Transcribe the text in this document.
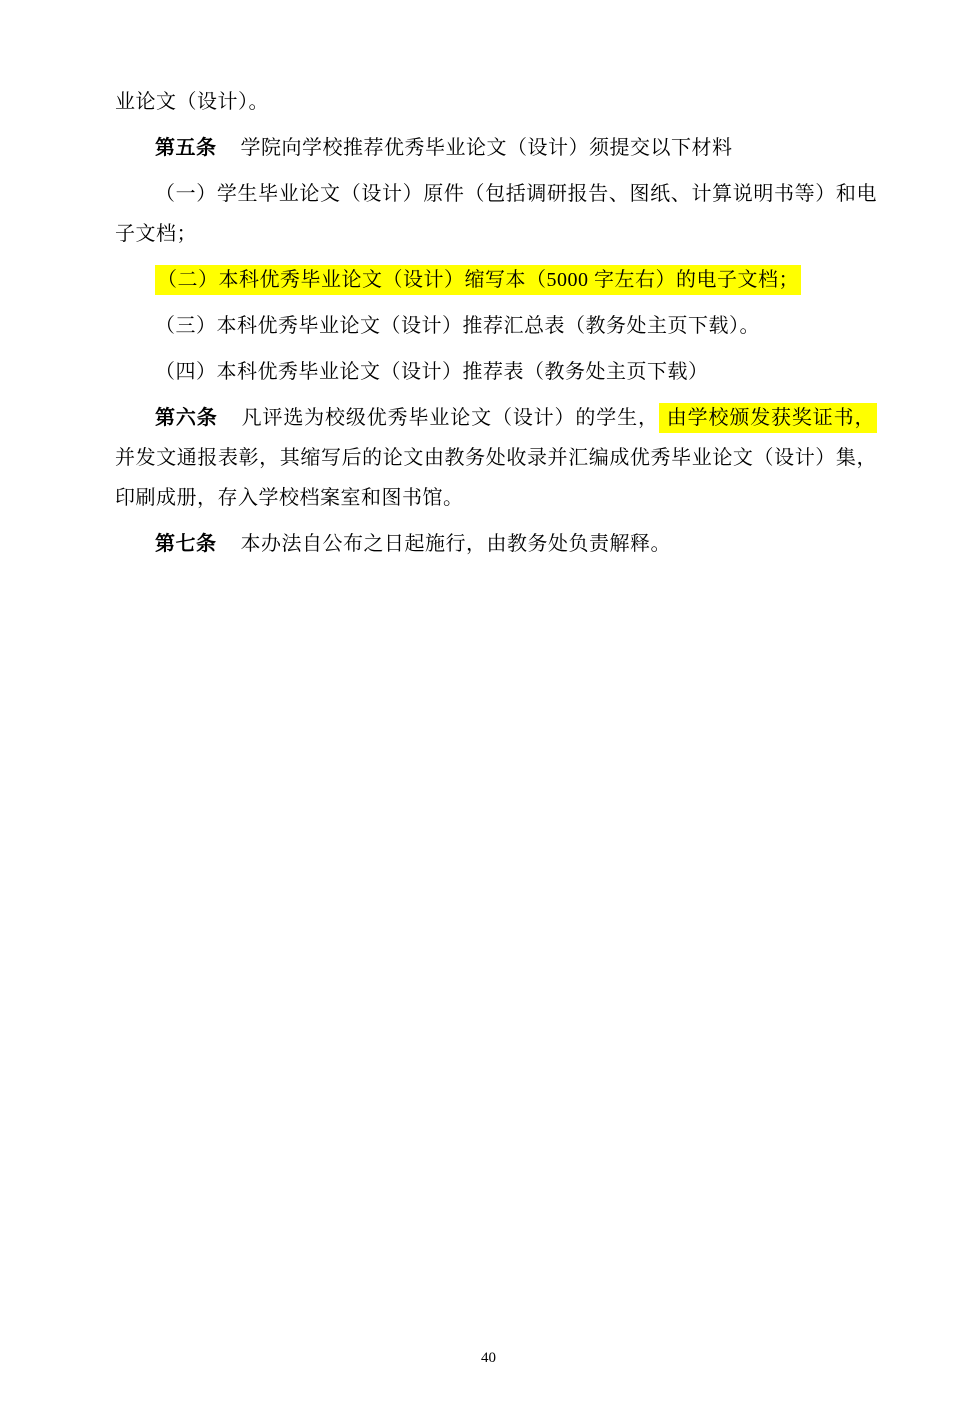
业论文（设计）。

第五条 学院向学校推荐优秀毕业论文（设计）须提交以下材料

（一）学生毕业论文（设计）原件（包括调研报告、图纸、计算说明书等）和电子文档；

（二）本科优秀毕业论文（设计）缩写本（5000 字左右）的电子文档；

（三）本科优秀毕业论文（设计）推荐汇总表（教务处主页下载）。

（四）本科优秀毕业论文（设计）推荐表（教务处主页下载）

第六条 凡评选为校级优秀毕业论文（设计）的学生， 由学校颁发获奖证书，并发文通报表彰，其缩写后的论文由教务处收录并汇编成优秀毕业论文（设计）集，印刷成册，存入学校档案室和图书馆。

第七条 本办法自公布之日起施行，由教务处负责解释。

40
